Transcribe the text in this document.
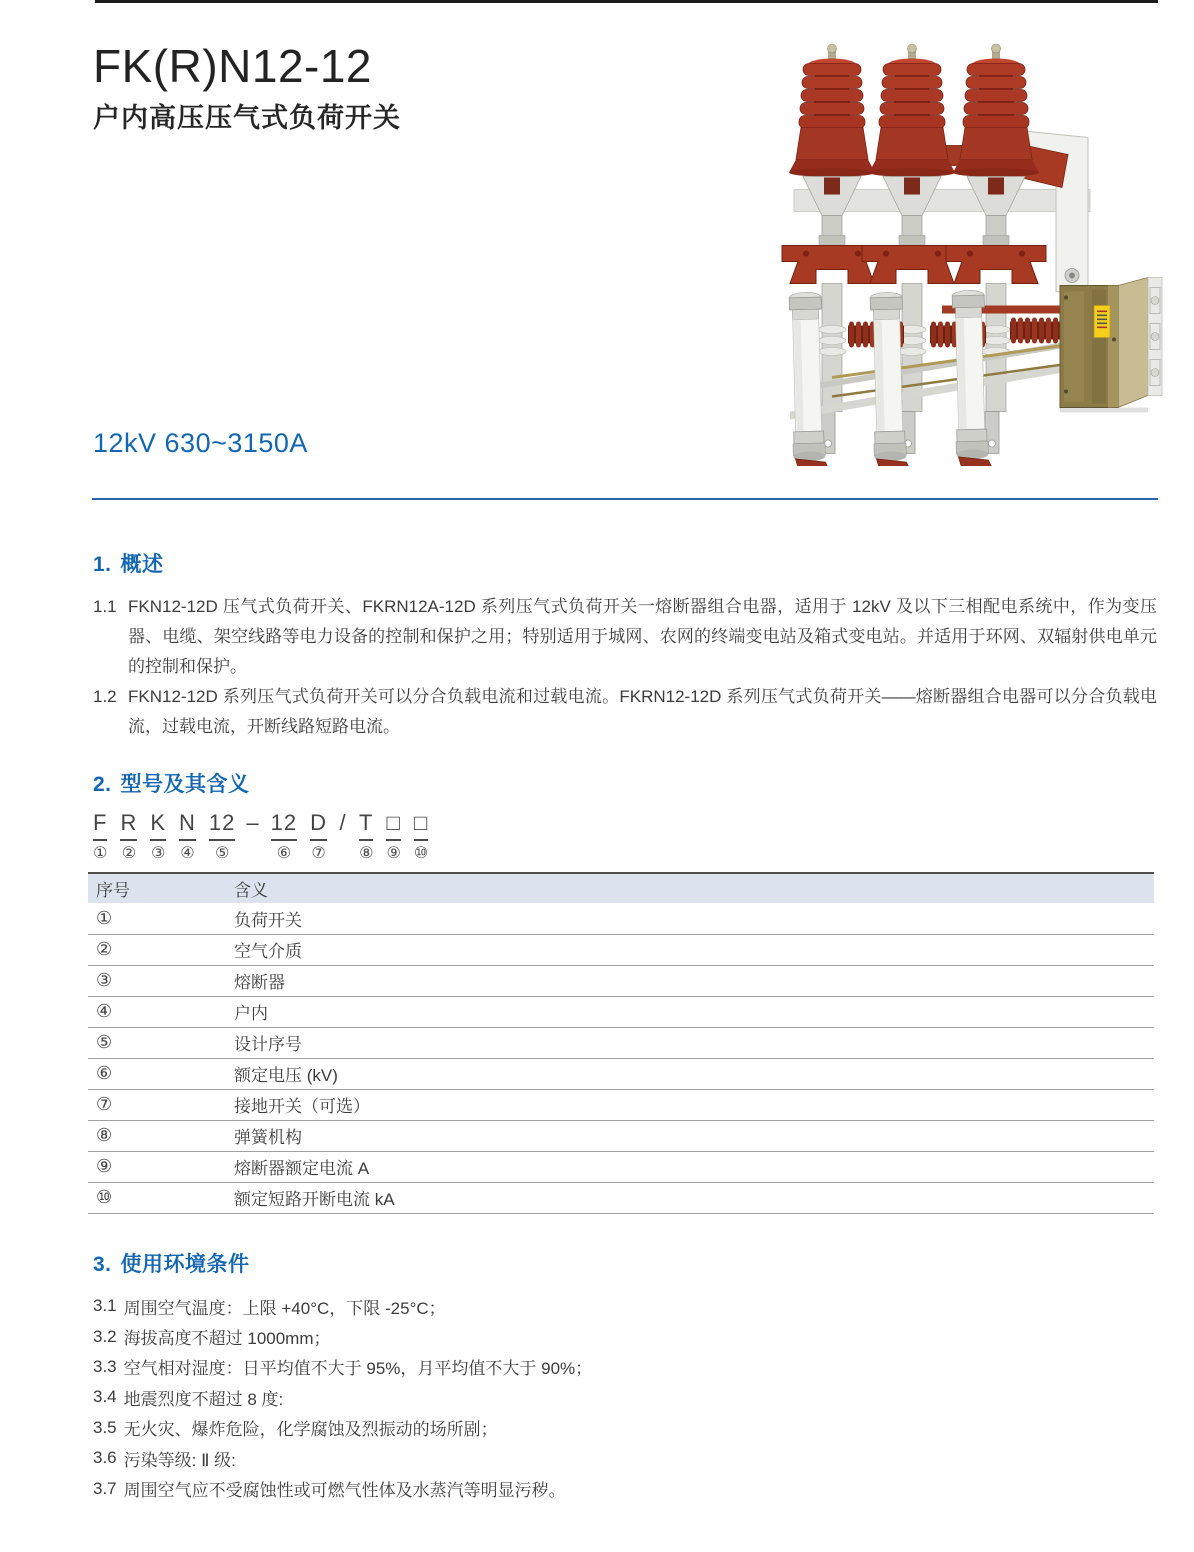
FK(R)N12-12
户内高压压气式负荷开关
12kV 630~3150A
1. 概述
1.1 FKN12-12D 压气式负荷开关、FKRN12A-12D 系列压气式负荷开关一熔断器组合电器，适用于 12kV 及以下三相配电系统中，作为变压器、电缆、架空线路等电力设备的控制和保护之用；特别适用于城网、农网的终端变电站及箱式变电站。并适用于环网、双辐射供电单元的控制和保护。
1.2 FKN12-12D 系列压气式负荷开关可以分合负载电流和过载电流。FKRN12-12D 系列压气式负荷开关——熔断器组合电器可以分合负载电流，过载电流，开断线路短路电流。
2. 型号及其含义
F
①
R
②
K
③
N
④
12
⑤
– 12
⑥
D
⑦
/ T
⑧
□
⑨
□
⑩
序号	含义
①	负荷开关
②	空气介质
③	熔断器
④	户内
⑤	设计序号
⑥	额定电压 (kV)
⑦	接地开关（可选）
⑧	弹簧机构
⑨	熔断器额定电流 A
⑩	额定短路开断电流 kA
3. 使用环境条件
3.1 周围空气温度：上限 +40°C，下限 -25°C；
3.2 海拔高度不超过 1000mm；
3.3 空气相对湿度：日平均值不大于 95%，月平均值不大于 90%；
3.4 地震烈度不超过 8 度:
3.5 无火灾、爆炸危险，化学腐蚀及烈振动的场所剧；
3.6 污染等级: Ⅱ 级:
3.7 周围空气应不受腐蚀性或可燃气性体及水蒸汽等明显污秽。
